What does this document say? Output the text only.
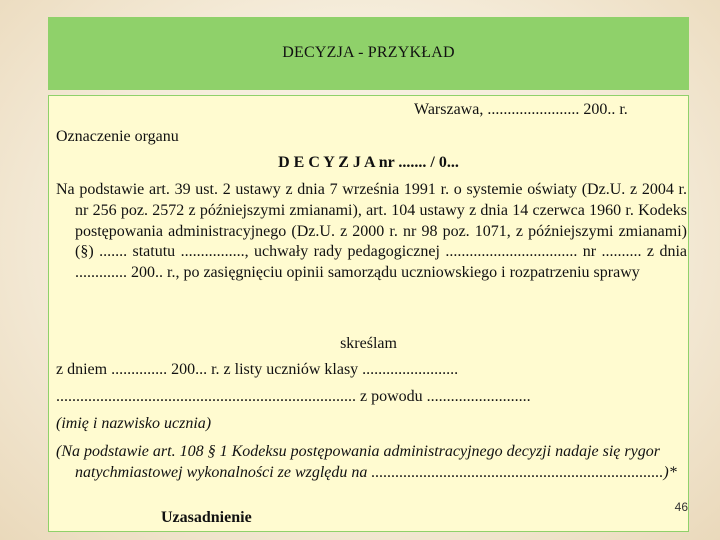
DECYZJA - PRZYKŁAD
Warszawa, ....................... 200.. r.
Oznaczenie organu
D E C Y Z J A nr ....... / 0...
Na podstawie art. 39 ust. 2 ustawy z dnia 7 września 1991 r. o systemie oświaty (Dz.U. z 2004 r. nr 256 poz. 2572 z późniejszymi zmianami), art. 104 ustawy z dnia 14 czerwca 1960 r. Kodeks postępowania administracyjnego (Dz.U. z 2000 r. nr 98 poz. 1071, z późniejszymi zmianami) (§) ....... statutu ................, uchwały rady pedagogicznej ................................. nr .......... z dnia ............. 200.. r., po zasięgnięciu opinii samorządu uczniowskiego i rozpatrzeniu sprawy
skreślam
z dniem .............. 200... r. z listy uczniów klasy ........................
........................................................................... z powodu ..........................
(imię i nazwisko ucznia)
(Na podstawie art. 108 § 1 Kodeksu postępowania administracyjnego decyzji nadaje się rygor natychmiastowej wykonalności ze względu na .........................................................................)*
Uzasadnienie
46
